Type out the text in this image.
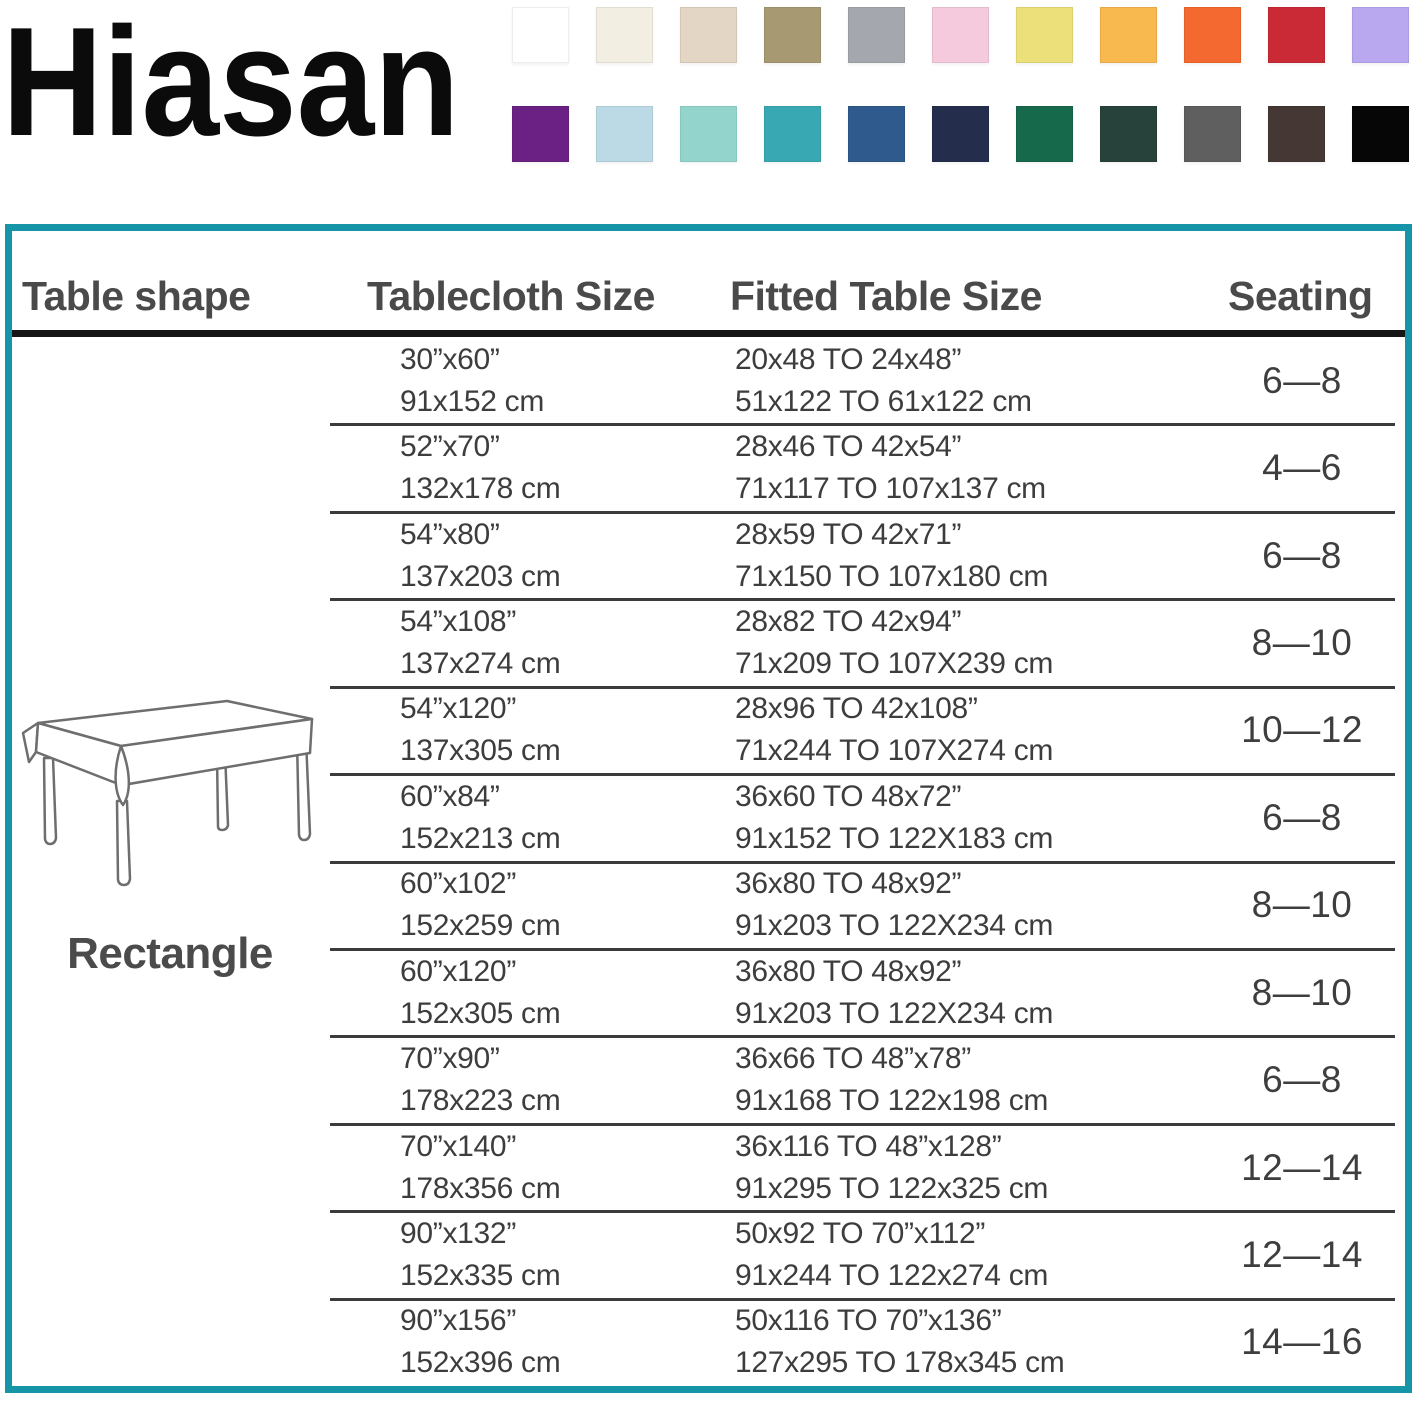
Hiasan
Table shape	Tablecloth Size Fitted Table Size	Seating
30”x60”
91x152 cm
20x48 TO 24x48”
51x122 TO 61x122 cm
6—8
52”x70”
132x178 cm
28x46 TO 42x54”
71x117 TO 107x137 cm
4—6
54”x80”
137x203 cm
28x59 TO 42x71”
71x150 TO 107x180 cm
6—8
54”x108”
137x274 cm
28x82 TO 42x94”
71x209 TO 107X239 cm
8—10
54”x120”
137x305 cm
28x96 TO 42x108”
71x244 TO 107X274 cm
10—12
60”x84”
152x213 cm
36x60 TO 48x72”
91x152 TO 122X183 cm
6—8
60”x102”
152x259 cm
36x80 TO 48x92”
91x203 TO 122X234 cm
8—10
60”x120”
152x305 cm
36x80 TO 48x92”
91x203 TO 122X234 cm
8—10
70”x90”
178x223 cm
36x66 TO 48”x78”
91x168 TO 122x198 cm
6—8
70”x140”
178x356 cm
36x116 TO 48”x128”
91x295 TO 122x325 cm
12—14
90”x132”
152x335 cm
50x92 TO 70”x112”
91x244 TO 122x274 cm
12—14
90”x156”
152x396 cm
50x116 TO 70”x136”
127x295 TO 178x345 cm
14—16
Rectangle
